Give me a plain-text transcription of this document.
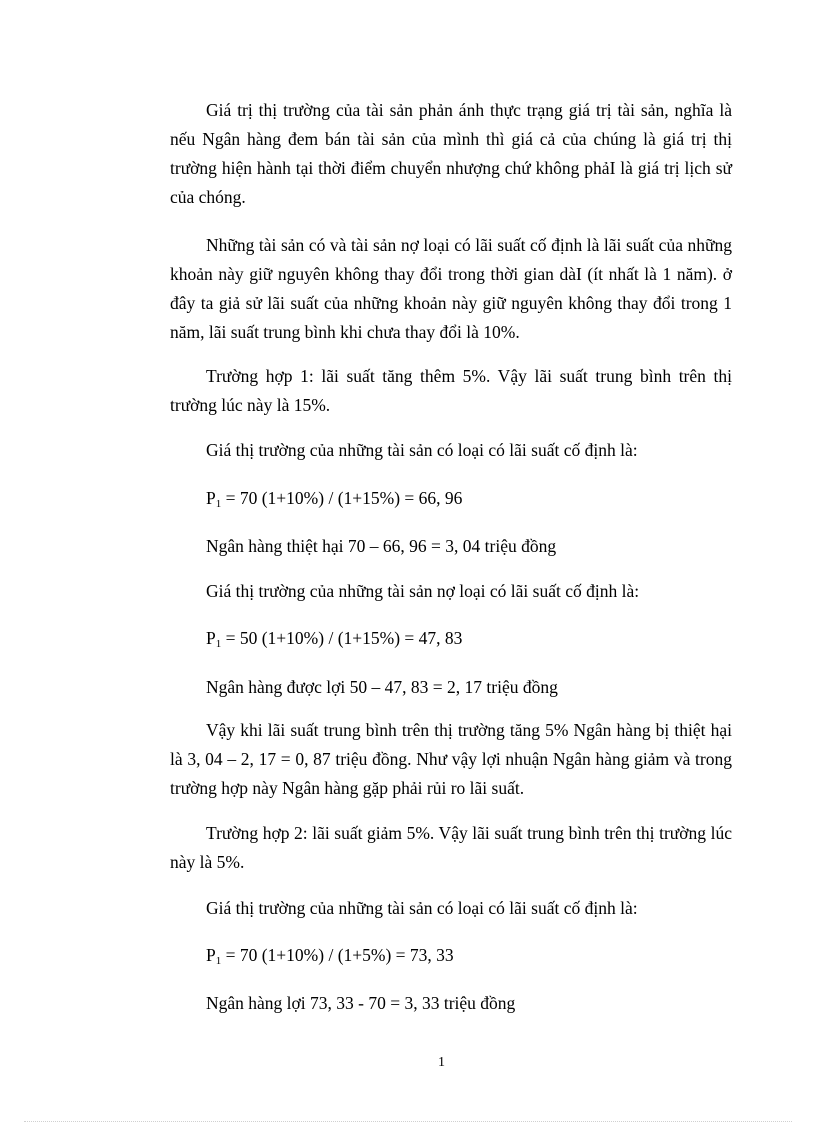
Giá trị thị trường của tài sản phản ánh thực trạng giá trị tài sản, nghĩa là nếu Ngân hàng đem bán tài sản của mình thì giá cả của chúng là giá trị thị trường hiện hành tại thời điểm chuyển nhượng chứ không phảI là giá trị lịch sử của chóng.

Những tài sản có và tài sản nợ loại có lãi suất cố định là lãi suất của những khoản này giữ nguyên không thay đổi trong thời gian dàI (ít nhất là 1 năm). ở đây ta giả sử lãi suất của những khoản này giữ nguyên không thay đổi trong 1 năm, lãi suất trung bình khi chưa thay đổi là 10%.

Trường hợp 1: lãi suất tăng thêm 5%. Vậy lãi suất trung bình trên thị trường lúc này là 15%.

Giá thị trường của những tài sản có loại có lãi suất cố định là:

$P_1 = 70$ (1+10%) / (1+15%) = 66, 96

Ngân hàng thiệt hại 70 – 66, 96 = 3, 04 triệu đồng

Giá thị trường của những tài sản nợ loại có lãi suất cố định là:

$P_1 = 50$ (1+10%) / (1+15%) = 47, 83

Ngân hàng được lợi 50 – 47, 83 = 2, 17 triệu đồng

Vậy khi lãi suất trung bình trên thị trường tăng 5% Ngân hàng bị thiệt hại là 3, 04 – 2, 17 = 0, 87 triệu đồng. Như vậy lợi nhuận Ngân hàng giảm và trong trường hợp này Ngân hàng gặp phải rủi ro lãi suất.

Trường hợp 2: lãi suất giảm 5%. Vậy lãi suất trung bình trên thị trường lúc này là 5%.

Giá thị trường của những tài sản có loại có lãi suất cố định là:

$P_1 = 70$ (1+10%) / (1+5%) = 73, 33

Ngân hàng lợi 73, 33 - 70 = 3, 33 triệu đồng

1
